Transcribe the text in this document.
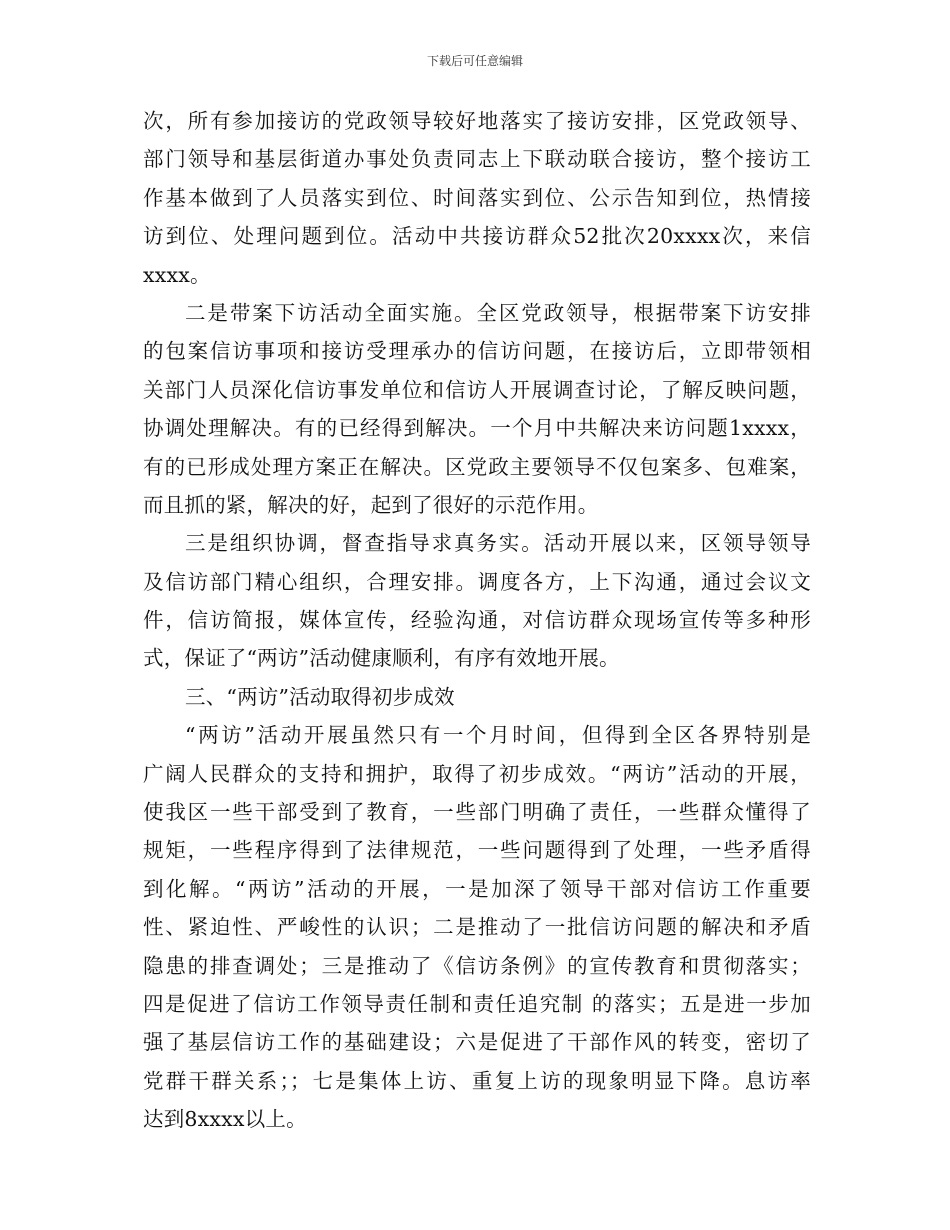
下载后可任意编辑
次，所有参加接访的党政领导较好地落实了接访安排，区党政领导、
部门领导和基层街道办事处负责同志上下联动联合接访，整个接访工
作基本做到了人员落实到位、时间落实到位、公示告知到位，热情接
访到位、处理问题到位。活动中共接访群众52批次20xxxx次，来信
xxxx。
二是带案下访活动全面实施。全区党政领导，根据带案下访安排
的包案信访事项和接访受理承办的信访问题，在接访后，立即带领相
关部门人员深化信访事发单位和信访人开展调查讨论，了解反映问题，
协调处理解决。有的已经得到解决。一个月中共解决来访问题1xxxx，
有的已形成处理方案正在解决。区党政主要领导不仅包案多、包难案，
而且抓的紧，解决的好，起到了很好的示范作用。
三是组织协调，督查指导求真务实。活动开展以来，区领导领导
及信访部门精心组织，合理安排。调度各方，上下沟通，通过会议文
件，信访简报，媒体宣传，经验沟通，对信访群众现场宣传等多种形
式，保证了“两访”活动健康顺利，有序有效地开展。
三、“两访”活动取得初步成效
“两访”活动开展虽然只有一个月时间，但得到全区各界特别是
广阔人民群众的支持和拥护，取得了初步成效。“两访”活动的开展，
使我区一些干部受到了教育，一些部门明确了责任，一些群众懂得了
规矩，一些程序得到了法律规范，一些问题得到了处理，一些矛盾得
到化解。“两访”活动的开展，一是加深了领导干部对信访工作重要
性、紧迫性、严峻性的认识；二是推动了一批信访问题的解决和矛盾
隐患的排查调处；三是推动了《信访条例》的宣传教育和贯彻落实；
四是促进了信访工作领导责任制和责任追究制 的落实；五是进一步加
强了基层信访工作的基础建设；六是促进了干部作风的转变，密切了
党群干群关系；；七是集体上访、重复上访的现象明显下降。息访率
达到8xxxx以上。
